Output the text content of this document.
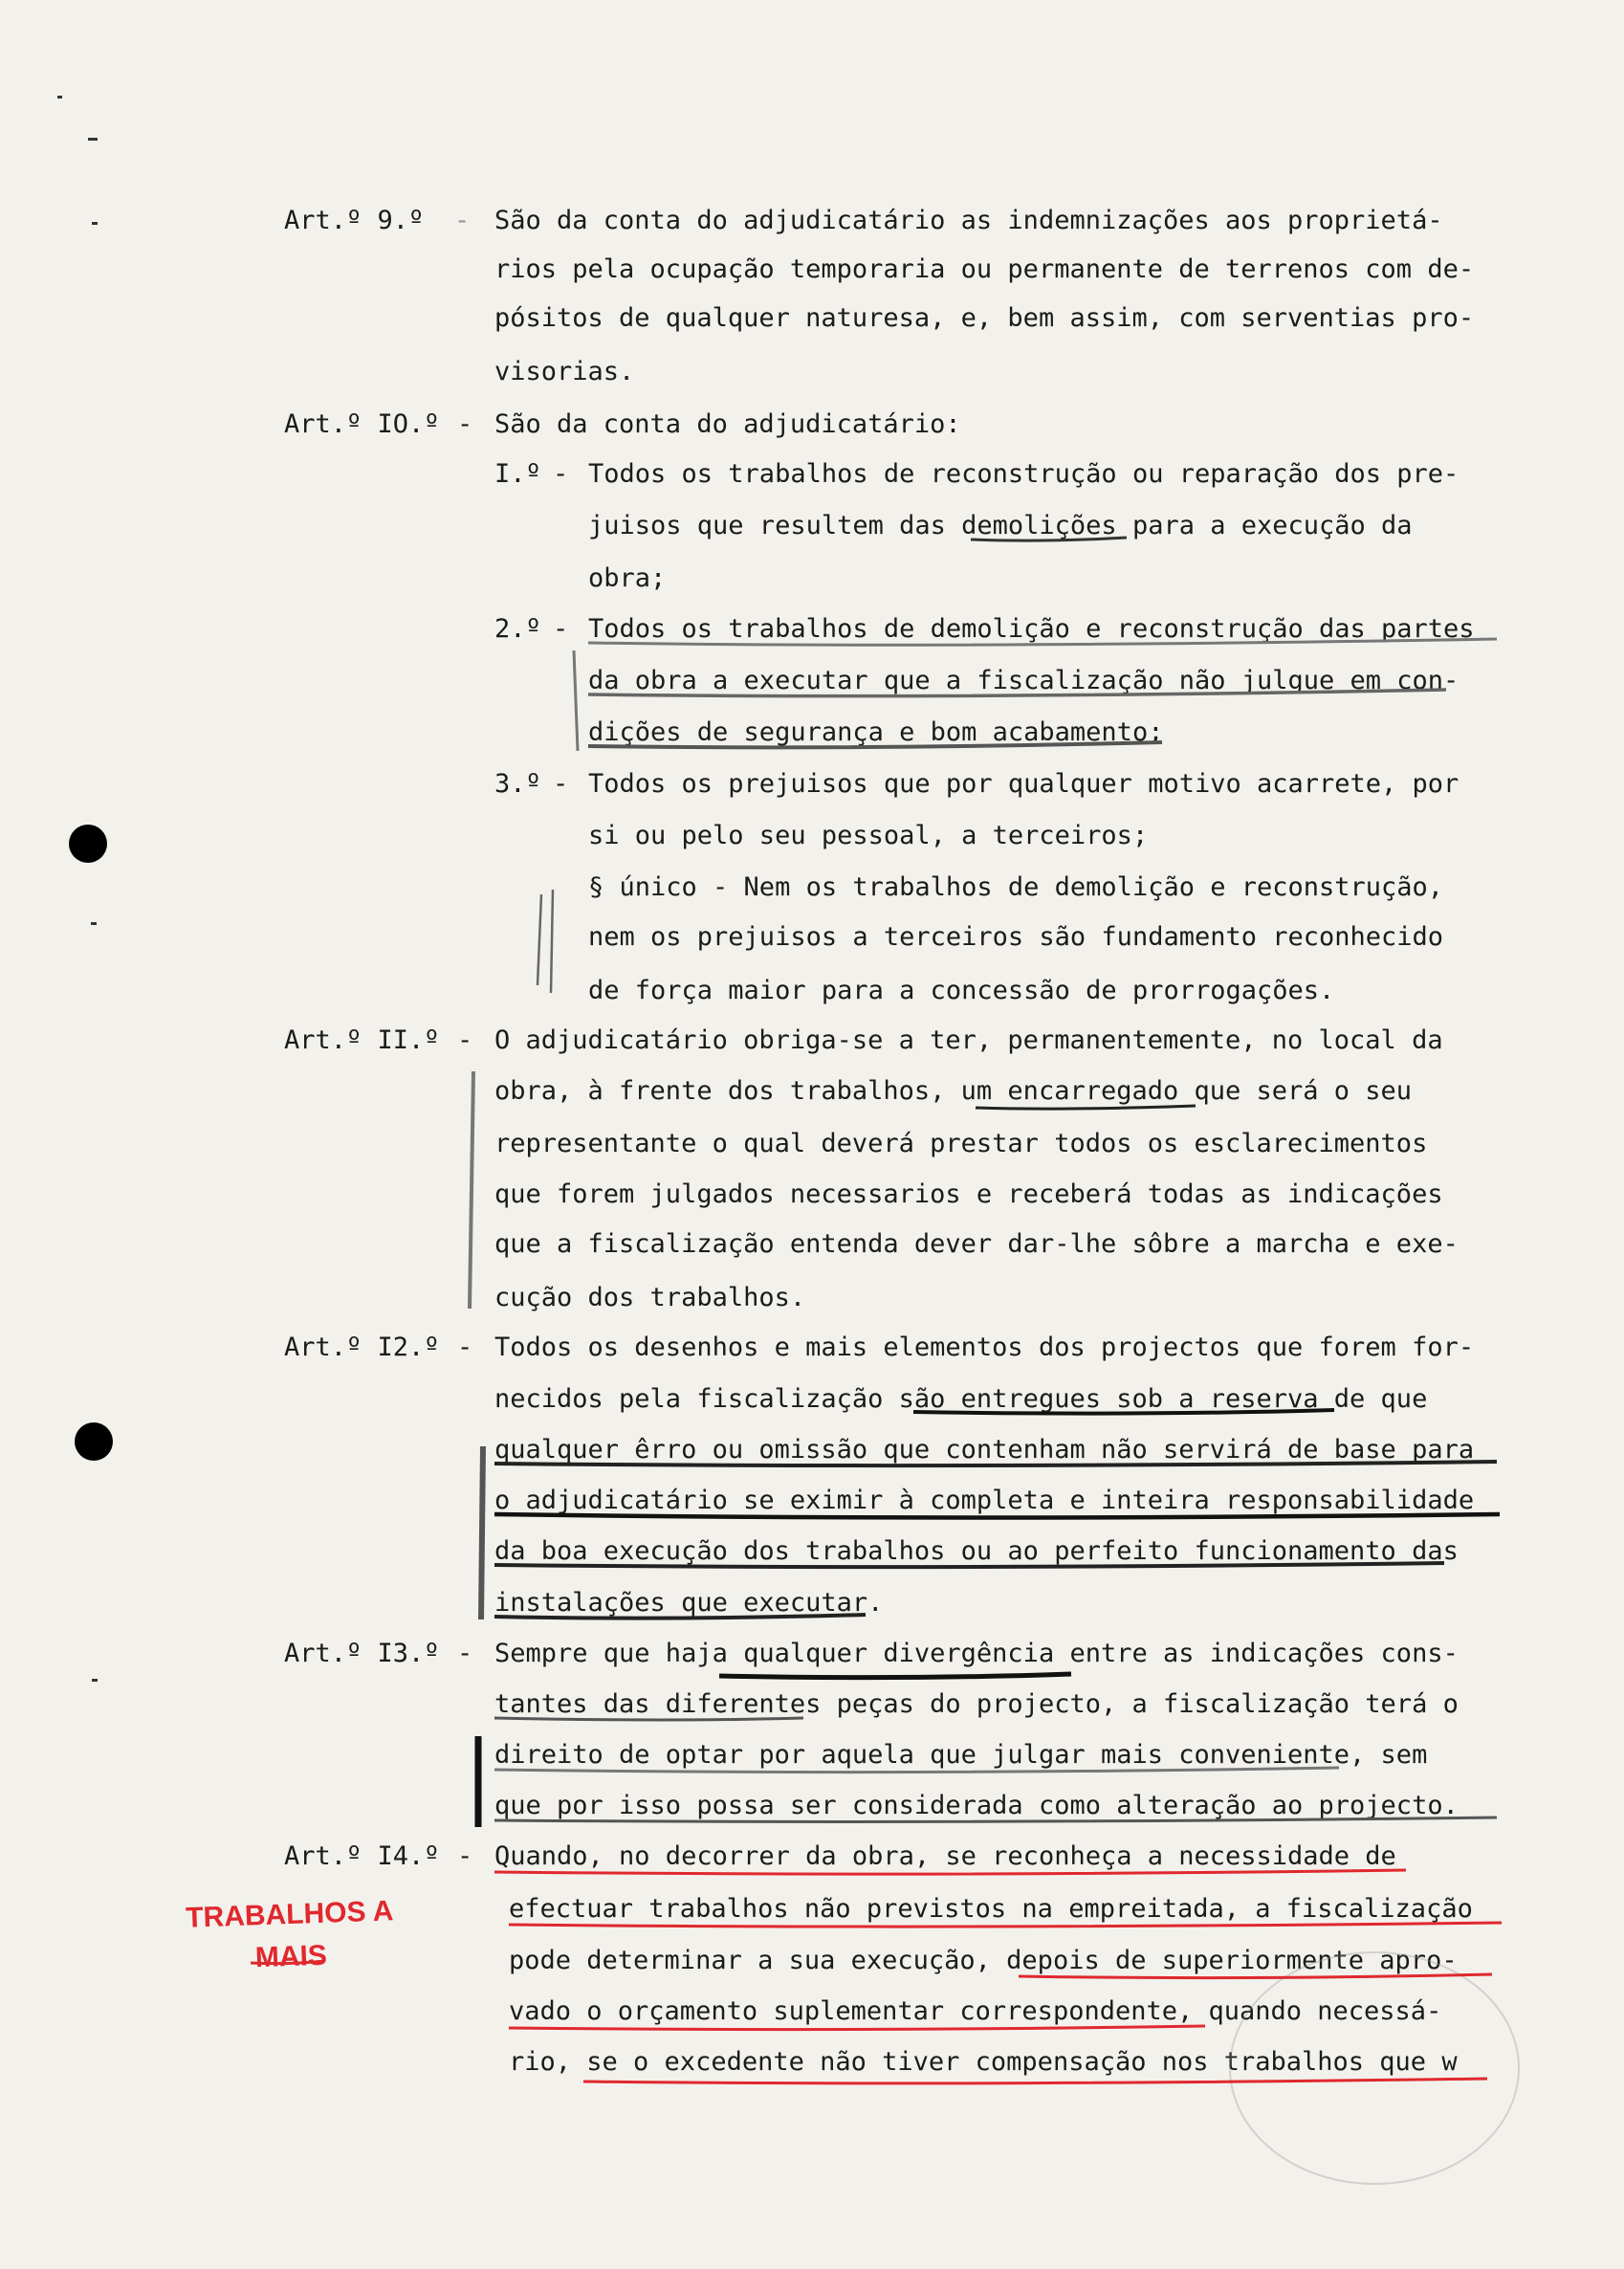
Art.º 9.º - São da conta do adjudicatário as indemnizações aos proprietá-
rios pela ocupação temporaria ou permanente de terrenos com de-
pósitos de qualquer naturesa, e, bem assim, com serventias pro-
visorias.
Art.º IO.º - São da conta do adjudicatário:
I.º - Todos os trabalhos de reconstrução ou reparação dos pre-
juisos que resultem das demolições para a execução da
obra;
2.º - Todos os trabalhos de demolição e reconstrução das partes
da obra a executar que a fiscalização não julgue em con-
dições de segurança e bom acabamento;
3.º - Todos os prejuisos que por qualquer motivo acarrete, por
si ou pelo seu pessoal, a terceiros;
§ único - Nem os trabalhos de demolição e reconstrução,
nem os prejuisos a terceiros são fundamento reconhecido
de força maior para a concessão de prorrogações.
Art.º II.º - O adjudicatário obriga-se a ter, permanentemente, no local da
obra, à frente dos trabalhos, um encarregado que será o seu
representante o qual deverá prestar todos os esclarecimentos
que forem julgados necessarios e receberá todas as indicações
que a fiscalização entenda dever dar-lhe sôbre a marcha e exe-
cução dos trabalhos.
Art.º I2.º - Todos os desenhos e mais elementos dos projectos que forem for-
necidos pela fiscalização são entregues sob a reserva de que
qualquer êrro ou omissão que contenham não servirá de base para
o adjudicatário se eximir à completa e inteira responsabilidade
da boa execução dos trabalhos ou ao perfeito funcionamento das
instalações que executar.
Art.º I3.º - Sempre que haja qualquer divergência entre as indicações cons-
tantes das diferentes peças do projecto, a fiscalização terá o
direito de optar por aquela que julgar mais conveniente, sem
que por isso possa ser considerada como alteração ao projecto.
Art.º I4.º - Quando, no decorrer da obra, se reconheça a necessidade de
efectuar trabalhos não previstos na empreitada, a fiscalização
pode determinar a sua execução, depois de superiormente apro-
vado o orçamento suplementar correspondente, quando necessá-
rio, se o excedente não tiver compensação nos trabalhos que w
TRABALHOS A
MAIS
